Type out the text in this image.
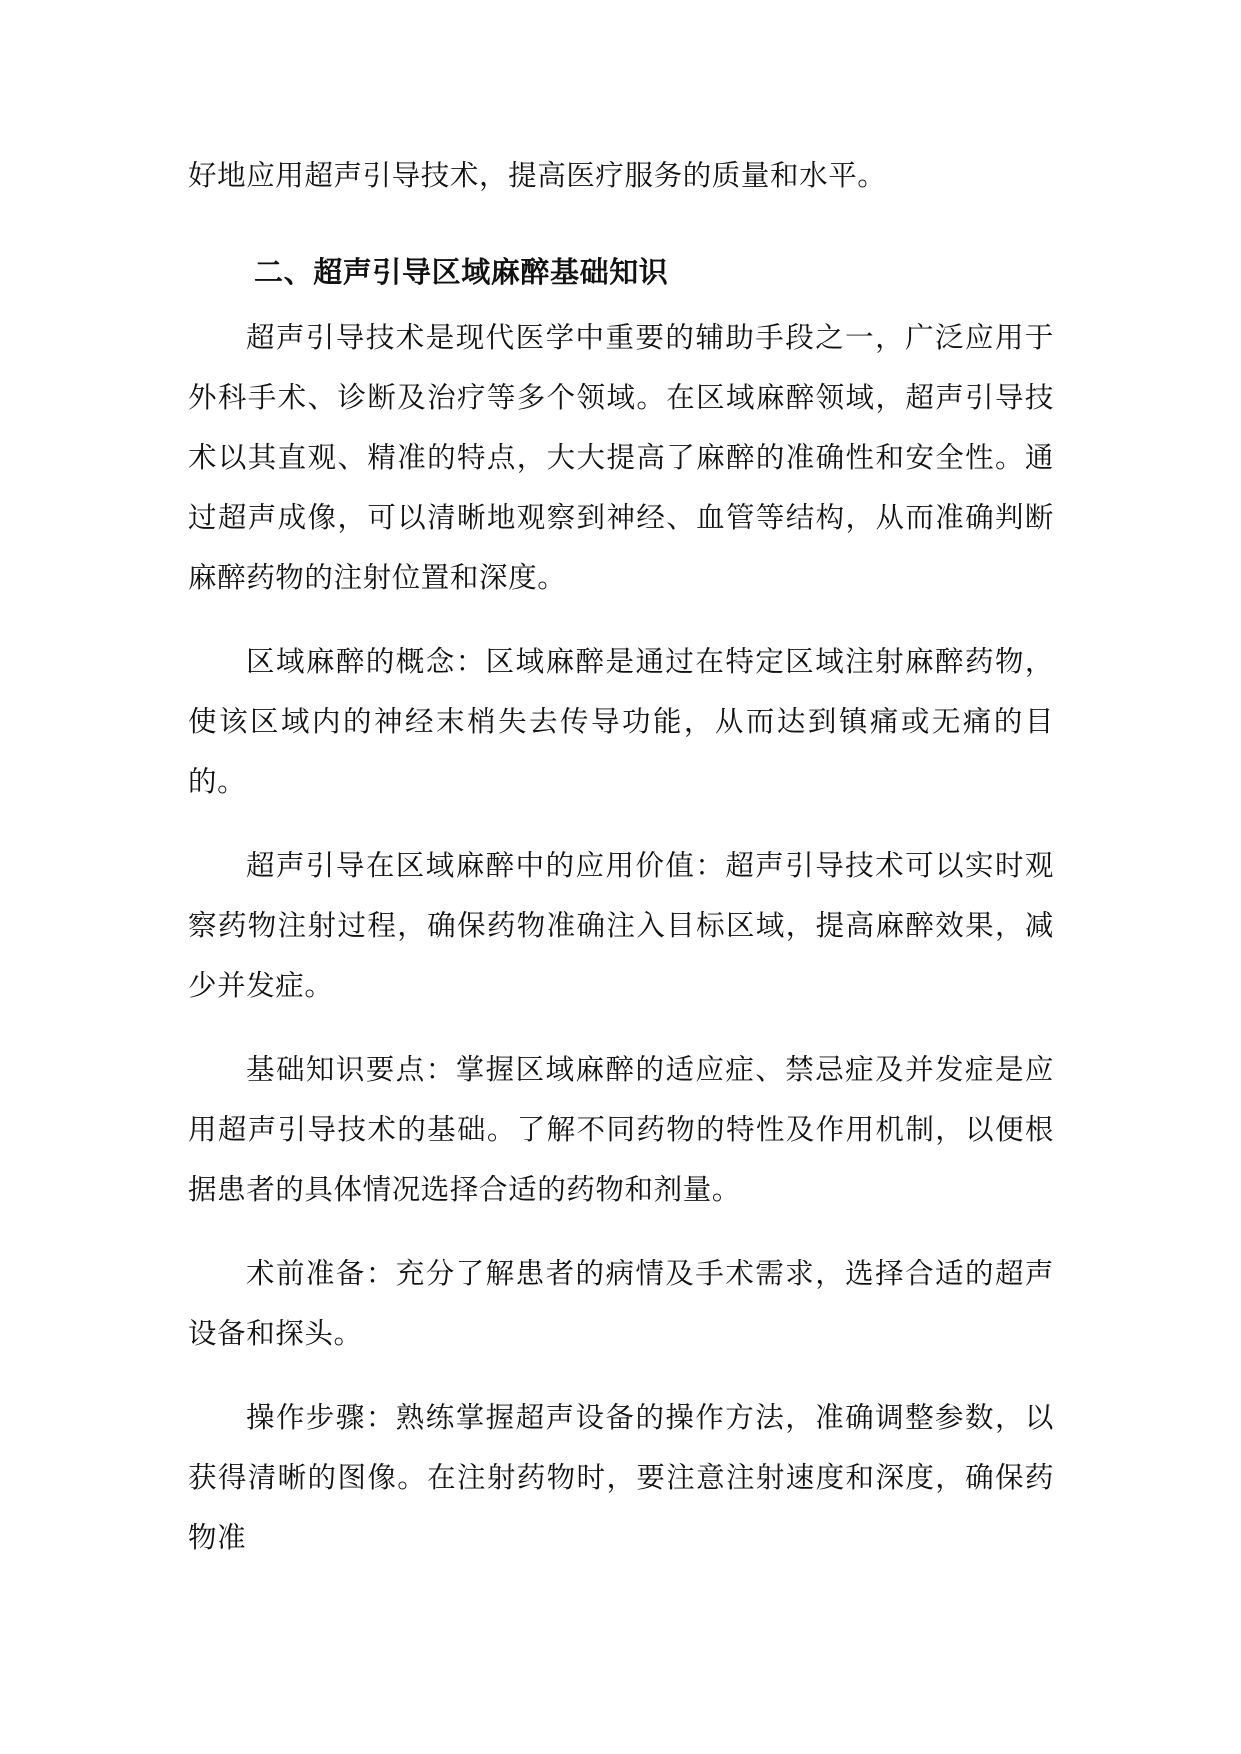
好地应用超声引导技术，提高医疗服务的质量和水平。

二、超声引导区域麻醉基础知识

超声引导技术是现代医学中重要的辅助手段之一，广泛应用于外科手术、诊断及治疗等多个领域。在区域麻醉领域，超声引导技术以其直观、精准的特点，大大提高了麻醉的准确性和安全性。通过超声成像，可以清晰地观察到神经、血管等结构，从而准确判断麻醉药物的注射位置和深度。

区域麻醉的概念：区域麻醉是通过在特定区域注射麻醉药物，使该区域内的神经末梢失去传导功能，从而达到镇痛或无痛的目的。

超声引导在区域麻醉中的应用价值：超声引导技术可以实时观察药物注射过程，确保药物准确注入目标区域，提高麻醉效果，减少并发症。

基础知识要点：掌握区域麻醉的适应症、禁忌症及并发症是应用超声引导技术的基础。了解不同药物的特性及作用机制，以便根据患者的具体情况选择合适的药物和剂量。

术前准备：充分了解患者的病情及手术需求，选择合适的超声设备和探头。

操作步骤：熟练掌握超声设备的操作方法，准确调整参数，以获得清晰的图像。在注射药物时，要注意注射速度和深度，确保药物准
